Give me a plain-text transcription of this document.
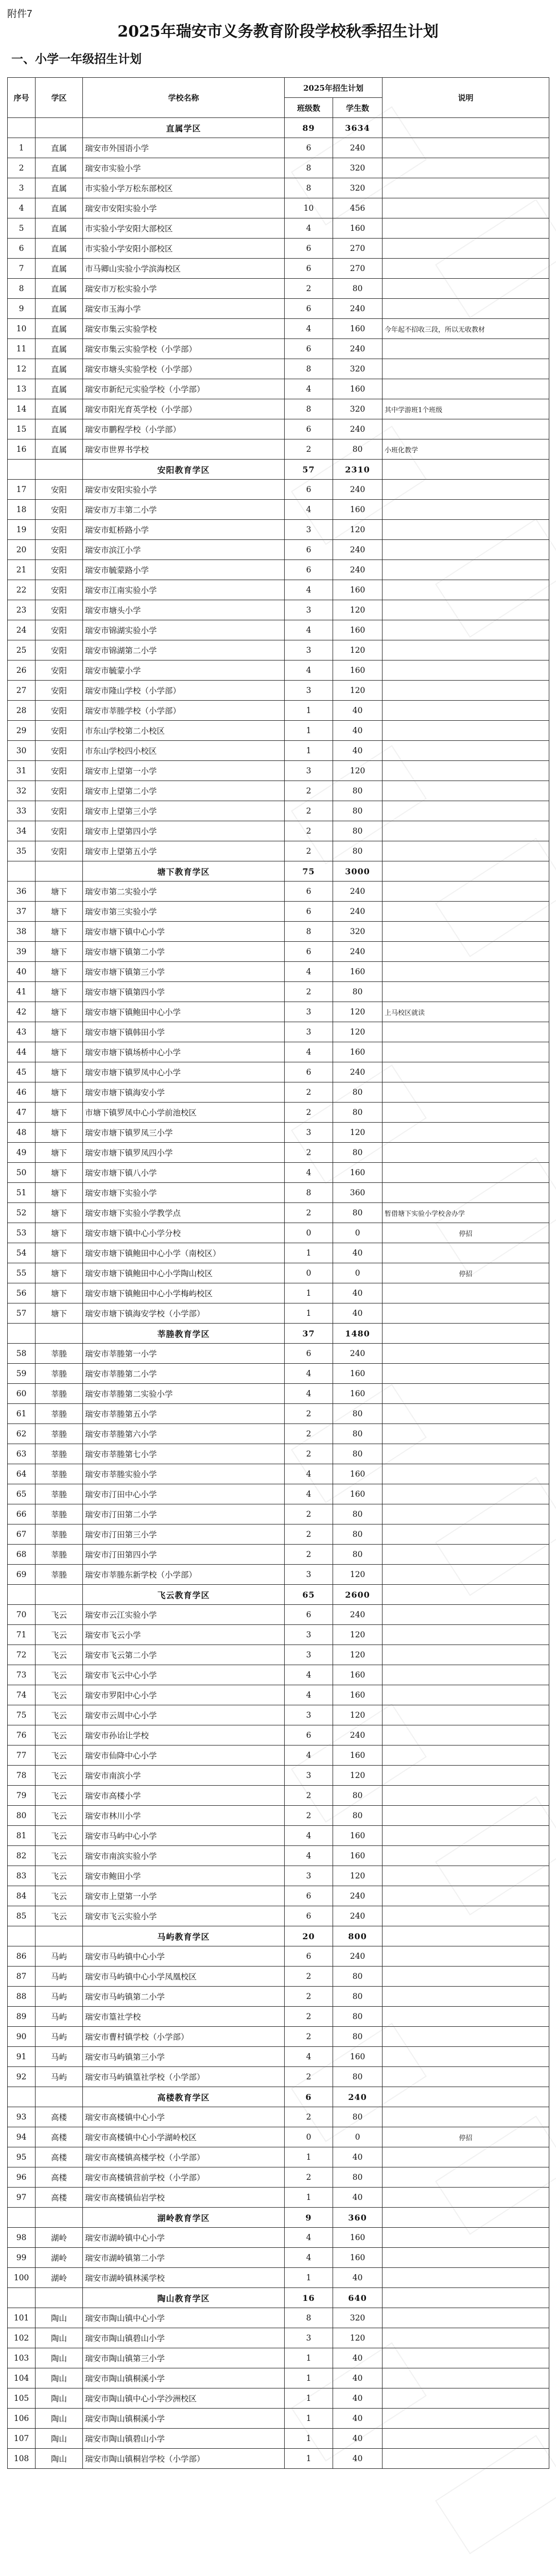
附件7
2025年瑞安市义务教育阶段学校秋季招生计划
一、小学一年级招生计划
序号	学区	学校名称	2025年招生计划		说明
			班级数	学生数	
		直属学区	89	3634	
1	直属	瑞安市外国语小学	6	240	
2	直属	瑞安市实验小学	8	320	
3	直属	市实验小学万松东部校区	8	320	
4	直属	瑞安市安阳实验小学	10	456	
5	直属	市实验小学安阳大部校区	4	160	
6	直属	市实验小学安阳小部校区	6	270	
7	直属	市马卿山实验小学滨海校区	6	270	
8	直属	瑞安市万松实验小学	2	80	
9	直属	瑞安市玉海小学	6	240	
10	直属	瑞安市集云实验学校	4	160	今年起不招收三段，所以无收教材
11	直属	瑞安市集云实验学校（小学部）	6	240	
12	直属	瑞安市塘头实验学校（小学部）	8	320	
13	直属	瑞安市新纪元实验学校（小学部）	4	160	
14	直属	瑞安市阳光育英学校（小学部）	8	320	其中学游班1个班级
15	直属	瑞安市鹏程学校（小学部）	6	240	
16	直属	瑞安市世界书学校	2	80	小班化教学
		安阳教育学区	57	2310	
17	安阳	瑞安市安阳实验小学	6	240	
18	安阳	瑞安市万丰第二小学	4	160	
19	安阳	瑞安市虹桥路小学	3	120	
20	安阳	瑞安市滨江小学	6	240	
21	安阳	瑞安市毓蒙路小学	6	240	
22	安阳	瑞安市江南实验小学	4	160	
23	安阳	瑞安市塘头小学	3	120	
24	安阳	瑞安市锦湖实验小学	4	160	
25	安阳	瑞安市锦湖第二小学	3	120	
26	安阳	瑞安市毓蒙小学	4	160	
27	安阳	瑞安市隆山学校（小学部）	3	120	
28	安阳	瑞安市莘塍学校（小学部）	1	40	
29	安阳	市东山学校第二小校区	1	40	
30	安阳	市东山学校四小校区	1	40	
31	安阳	瑞安市上望第一小学	3	120	
32	安阳	瑞安市上望第二小学	2	80	
33	安阳	瑞安市上望第三小学	2	80	
34	安阳	瑞安市上望第四小学	2	80	
35	安阳	瑞安市上望第五小学	2	80	
		塘下教育学区	75	3000	
36	塘下	瑞安市第二实验小学	6	240	
37	塘下	瑞安市第三实验小学	6	240	
38	塘下	瑞安市塘下镇中心小学	8	320	
39	塘下	瑞安市塘下镇第二小学	6	240	
40	塘下	瑞安市塘下镇第三小学	4	160	
41	塘下	瑞安市塘下镇第四小学	2	80	
42	塘下	瑞安市塘下镇鲍田中心小学	3	120	上马校区就读
43	塘下	瑞安市塘下镇韩田小学	3	120	
44	塘下	瑞安市塘下镇场桥中心小学	4	160	
45	塘下	瑞安市塘下镇罗凤中心小学	6	240	
46	塘下	瑞安市塘下镇海安小学	2	80	
47	塘下	市塘下镇罗凤中心小学前池校区	2	80	
48	塘下	瑞安市塘下镇罗凤三小学	3	120	
49	塘下	瑞安市塘下镇罗凤四小学	2	80	
50	塘下	瑞安市塘下镇八小学	4	160	
51	塘下	瑞安市塘下实验小学	8	360	
52	塘下	瑞安市塘下实验小学教学点	2	80	暂借塘下实验小学校舍办学
53	塘下	瑞安市塘下镇中心小学分校	0	0	停招
54	塘下	瑞安市塘下镇鲍田中心小学（南校区）	1	40	
55	塘下	瑞安市塘下镇鲍田中心小学陶山校区	0	0	停招
56	塘下	瑞安市塘下镇鲍田中心小学梅屿校区	1	40	
57	塘下	瑞安市塘下镇海安学校（小学部）	1	40	
		莘塍教育学区	37	1480	
58	莘塍	瑞安市莘塍第一小学	6	240	
59	莘塍	瑞安市莘塍第二小学	4	160	
60	莘塍	瑞安市莘塍第二实验小学	4	160	
61	莘塍	瑞安市莘塍第五小学	2	80	
62	莘塍	瑞安市莘塍第六小学	2	80	
63	莘塍	瑞安市莘塍第七小学	2	80	
64	莘塍	瑞安市莘塍实验小学	4	160	
65	莘塍	瑞安市汀田中心小学	4	160	
66	莘塍	瑞安市汀田第二小学	2	80	
67	莘塍	瑞安市汀田第三小学	2	80	
68	莘塍	瑞安市汀田第四小学	2	80	
69	莘塍	瑞安市莘塍东新学校（小学部）	3	120	
		飞云教育学区	65	2600	
70	飞云	瑞安市云江实验小学	6	240	
71	飞云	瑞安市飞云小学	3	120	
72	飞云	瑞安市飞云第二小学	3	120	
73	飞云	瑞安市飞云中心小学	4	160	
74	飞云	瑞安市罗阳中心小学	4	160	
75	飞云	瑞安市云周中心小学	3	120	
76	飞云	瑞安市孙诒让学校	6	240	
77	飞云	瑞安市仙降中心小学	4	160	
78	飞云	瑞安市南滨小学	3	120	
79	飞云	瑞安市高楼小学	2	80	
80	飞云	瑞安市林川小学	2	80	
81	飞云	瑞安市马屿中心小学	4	160	
82	飞云	瑞安市南滨实验小学	4	160	
83	飞云	瑞安市鲍田小学	3	120	
84	飞云	瑞安市上望第一小学	6	240	
85	飞云	瑞安市飞云实验小学	6	240	
		马屿教育学区	20	800	
86	马屿	瑞安市马屿镇中心小学	6	240	
87	马屿	瑞安市马屿镇中心小学凤凰校区	2	80	
88	马屿	瑞安市马屿镇第二小学	2	80	
89	马屿	瑞安市篁社学校	2	80	
90	马屿	瑞安市曹村镇学校（小学部）	2	80	
91	马屿	瑞安市马屿镇第三小学	4	160	
92	马屿	瑞安市马屿镇篁社学校（小学部）	2	80	
		高楼教育学区	6	240	
93	高楼	瑞安市高楼镇中心小学	2	80	
94	高楼	瑞安市高楼镇中心小学湖岭校区	0	0	停招
95	高楼	瑞安市高楼镇高楼学校（小学部）	1	40	
96	高楼	瑞安市高楼镇营前学校（小学部）	2	80	
97	高楼	瑞安市高楼镇仙岩学校	1	40	
		湖岭教育学区	9	360	
98	湖岭	瑞安市湖岭镇中心小学	4	160	
99	湖岭	瑞安市湖岭镇第二小学	4	160	
100	湖岭	瑞安市湖岭镇林溪学校	1	40	
		陶山教育学区	16	640	
101	陶山	瑞安市陶山镇中心小学	8	320	
102	陶山	瑞安市陶山镇碧山小学	3	120	
103	陶山	瑞安市陶山镇第三小学	1	40	
104	陶山	瑞安市陶山镇桐溪小学	1	40	
105	陶山	瑞安市陶山镇中心小学沙洲校区	1	40	
106	陶山	瑞安市陶山镇桐溪小学	1	40	
107	陶山	瑞安市陶山镇碧山小学	1	40	
108	陶山	瑞安市陶山镇桐岩学校（小学部）	1	40	
